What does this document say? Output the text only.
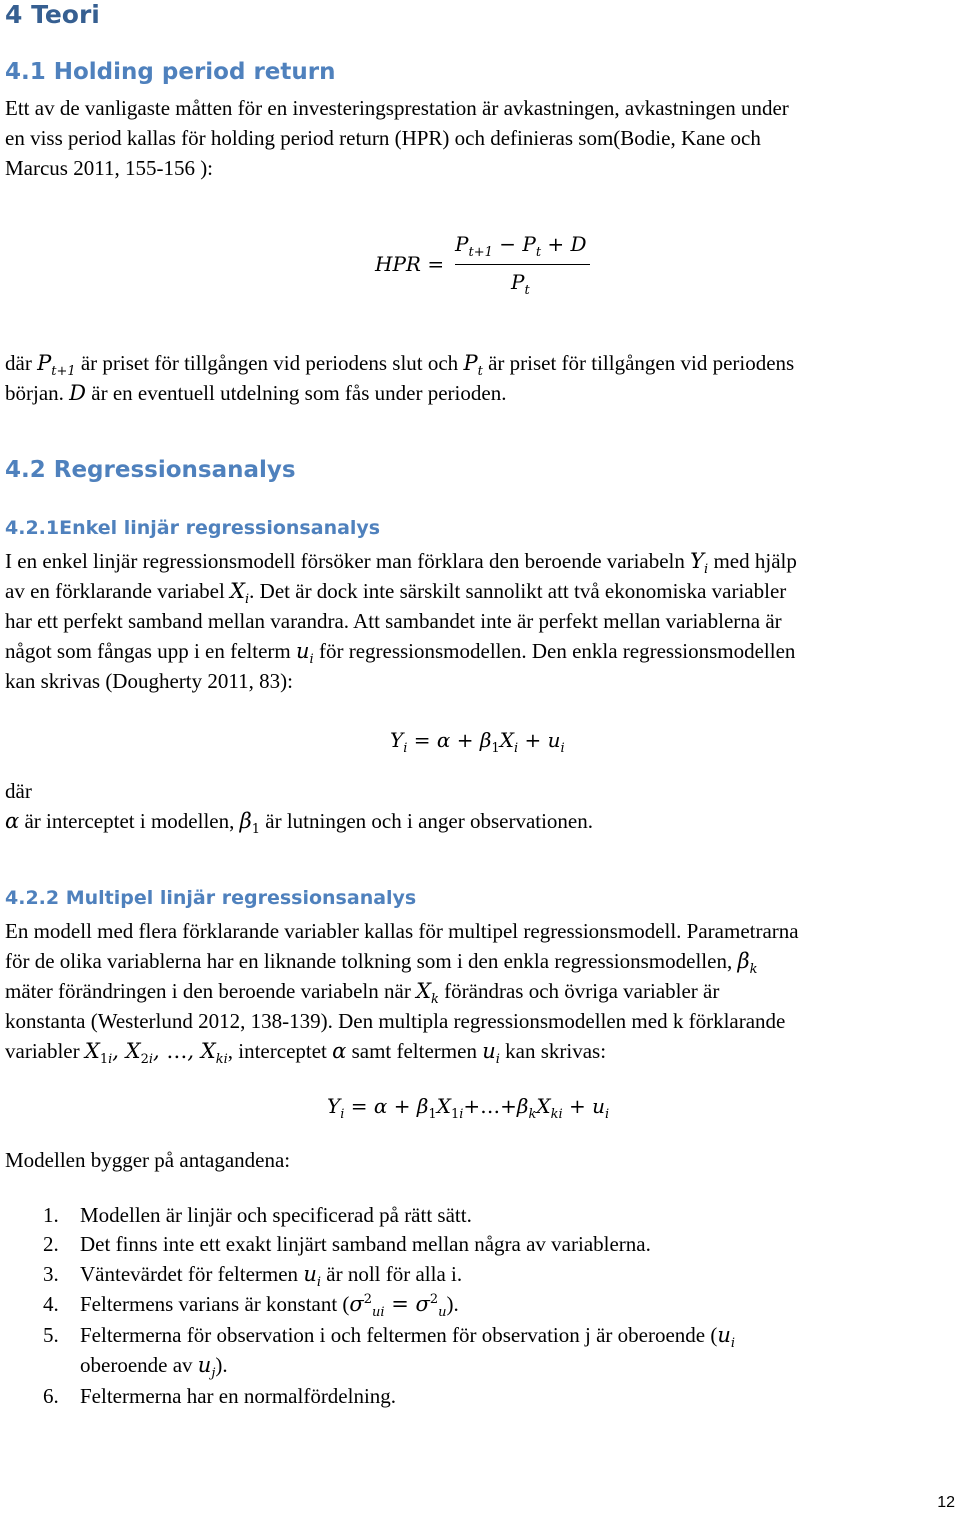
4 Teori
4.1 Holding period return
Ett av de vanligaste måtten för en investeringsprestation är avkastningen, avkastningen under
en viss period kallas för holding period return (HPR) och definieras som(Bodie, Kane och
Marcus 2011, 155-156 ):
HPR =
$P_{t+1} - P_t + D$
$P_t$
där $P_{t+1}$ är priset för tillgången vid periodens slut och $P_t$ är priset för tillgången vid periodens
början. D är en eventuell utdelning som fås under perioden.
4.2 Regressionsanalys
4.2.1Enkel linjär regressionsanalys
I en enkel linjär regressionsmodell försöker man förklara den beroende variabeln $Y_i$ med hjälp
av en förklarande variabel $X_i$. Det är dock inte särskilt sannolikt att två ekonomiska variabler
har ett perfekt samband mellan varandra. Att sambandet inte är perfekt mellan variablerna är
något som fångas upp i en felterm $u_i$ för regressionsmodellen. Den enkla regressionsmodellen
kan skrivas (Dougherty 2011, 83):
$Y_i = \alpha + \beta_1X_i + u_i$
där
α är interceptet i modellen, $\beta_1$ är lutningen och i anger observationen.
4.2.2 Multipel linjär regressionsanalys
En modell med flera förklarande variabler kallas för multipel regressionsmodell. Parametrarna
för de olika variablerna har en liknande tolkning som i den enkla regressionsmodellen, $\beta_k$
mäter förändringen i den beroende variabeln när $X_k$ förändras och övriga variabler är
konstanta (Westerlund 2012, 138-139). Den multipla regressionsmodellen med k förklarande
variabler $X_{1i}$, $X_{2i}$, …, $X_{ki}$, interceptet α samt feltermen $u_i$ kan skrivas:
$Y_i = \alpha$ + $\beta_1X_{1i}+\dots+\beta_kX_{ki} + u_i$
Modellen bygger på antagandena:
1. Modellen är linjär och specificerad på rätt sätt.
2. Det finns inte ett exakt linjärt samband mellan några av variablerna.
3. Väntevärdet för feltermen $u_i$ är noll för alla i.
4. Feltermens varians är konstant $(\sigma^2_{ui} = \sigma^2_u)$.
5. Feltermerna för observation i och feltermen för observation j är oberoende ($u_i$
oberoende av $u_j$).
6. Feltermerna har en normalfördelning.
12
